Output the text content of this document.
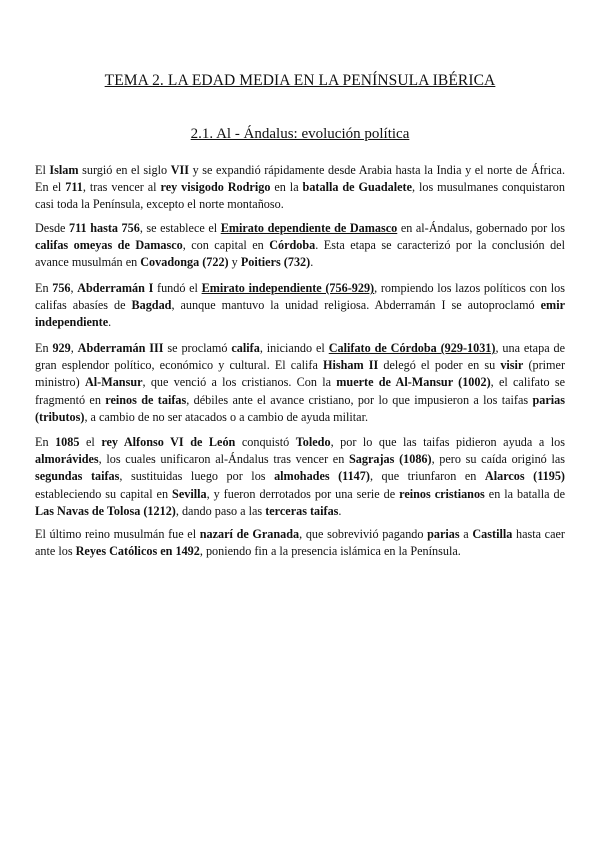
TEMA 2. LA EDAD MEDIA EN LA PENÍNSULA IBÉRICA
2.1. Al - Ándalus: evolución política

El Islam surgió en el siglo VII y se expandió rápidamente desde Arabia hasta la India y el norte de África. En el 711, tras vencer al rey visigodo Rodrigo en la batalla de Guadalete, los musulmanes conquistaron casi toda la Península, excepto el norte montañoso.

Desde 711 hasta 756, se establece el Emirato dependiente de Damasco en al-Ándalus, gobernado por los califas omeyas de Damasco, con capital en Córdoba. Esta etapa se caracterizó por la conclusión del avance musulmán en Covadonga (722) y Poitiers (732).

En 756, Abderramán I fundó el Emirato independiente (756-929), rompiendo los lazos políticos con los califas abasíes de Bagdad, aunque mantuvo la unidad religiosa. Abderramán I se autoproclamó emir independiente.

En 929, Abderramán III se proclamó califa, iniciando el Califato de Córdoba (929-1031), una etapa de gran esplendor político, económico y cultural. El califa Hisham II delegó el poder en su visir (primer ministro) Al-Mansur, que venció a los cristianos. Con la muerte de Al-Mansur (1002), el califato se fragmentó en reinos de taifas, débiles ante el avance cristiano, por lo que impusieron a los taifas parias (tributos), a cambio de no ser atacados o a cambio de ayuda militar.

En 1085 el rey Alfonso VI de León conquistó Toledo, por lo que las taifas pidieron ayuda a los almorávides, los cuales unificaron al-Ándalus tras vencer en Sagrajas (1086), pero su caída originó las segundas taifas, sustituidas luego por los almohades (1147), que triunfaron en Alarcos (1195) estableciendo su capital en Sevilla, y fueron derrotados por una serie de reinos cristianos en la batalla de Las Navas de Tolosa (1212), dando paso a las terceras taifas.

El último reino musulmán fue el nazarí de Granada, que sobrevivió pagando parias a Castilla hasta caer ante los Reyes Católicos en 1492, poniendo fin a la presencia islámica en la Península.
